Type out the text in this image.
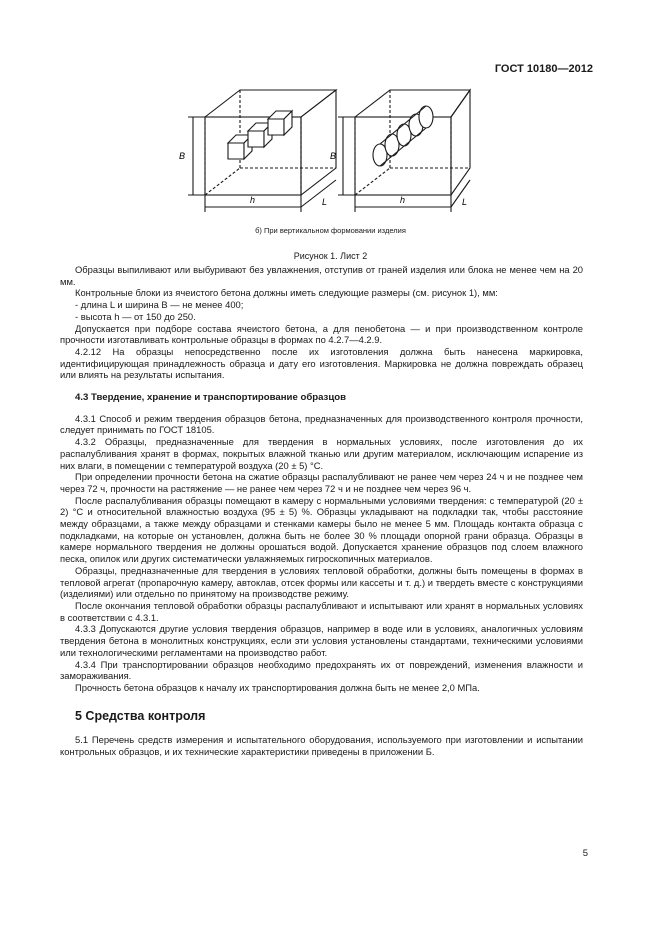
ГОСТ 10180—2012
B
h	L
B
h	L
б) При вертикальном формовании изделия
Рисунок 1. Лист 2

Образцы выпиливают или выбуривают без увлажнения, отступив от граней изделия или блока не менее чем на 20 мм.

Контрольные блоки из ячеистого бетона должны иметь следующие размеры (см. рисунок 1), мм:

- длина L и ширина B — не менее 400;

- высота h — от 150 до 250.

Допускается при подборе состава ячеистого бетона, а для пенобетона — и при производственном контроле прочности изготавливать контрольные образцы в формах по 4.2.7—4.2.9.

4.2.12 На образцы непосредственно после их изготовления должна быть нанесена маркировка, идентифицирующая принадлежность образца и дату его изготовления. Маркировка не должна повреждать образец или влиять на результаты испытания.

4.3 Твердение, хранение и транспортирование образцов

4.3.1 Способ и режим твердения образцов бетона, предназначенных для производственного контроля прочности, следует принимать по ГОСТ 18105.

4.3.2 Образцы, предназначенные для твердения в нормальных условиях, после изготовления до их распалубливания хранят в формах, покрытых влажной тканью или другим материалом, исключающим испарение из них влаги, в помещении с температурой воздуха (20 ± 5) °С.

При определении прочности бетона на сжатие образцы распалубливают не ранее чем через 24 ч и не позднее чем через 72 ч, прочности на растяжение — не ранее чем через 72 ч и не позднее чем через 96 ч.

После распалубливания образцы помещают в камеру с нормальными условиями твердения: с температурой (20 ± 2) °С и относительной влажностью воздуха (95 ± 5) %. Образцы укладывают на подкладки так, чтобы расстояние между образцами, а также между образцами и стенками камеры было не менее 5 мм. Площадь контакта образца с подкладками, на которые он установлен, должна быть не более 30 % площади опорной грани образца. Образцы в камере нормального твердения не должны орошаться водой. Допускается хранение образцов под слоем влажного песка, опилок или других систематически увлажняемых гигроскопичных материалов.

Образцы, предназначенные для твердения в условиях тепловой обработки, должны быть помещены в формах в тепловой агрегат (пропарочную камеру, автоклав, отсек формы или кассеты и т. д.) и твердеть вместе с конструкциями (изделиями) или отдельно по принятому на производстве режиму.

После окончания тепловой обработки образцы распалубливают и испытывают или хранят в нормальных условиях в соответствии с 4.3.1.

4.3.3 Допускаются другие условия твердения образцов, например в воде или в условиях, аналогичных условиям твердения бетона в монолитных конструкциях, если эти условия установлены стандартами, техническими условиями или технологическими регламентами на производство работ.

4.3.4 При транспортировании образцов необходимо предохранять их от повреждений, изменения влажности и замораживания.

Прочность бетона образцов к началу их транспортирования должна быть не менее 2,0 МПа.

5 Средства контроля

5.1 Перечень средств измерения и испытательного оборудования, используемого при изготовлении и испытании контрольных образцов, и их технические характеристики приведены в приложении Б.

5
